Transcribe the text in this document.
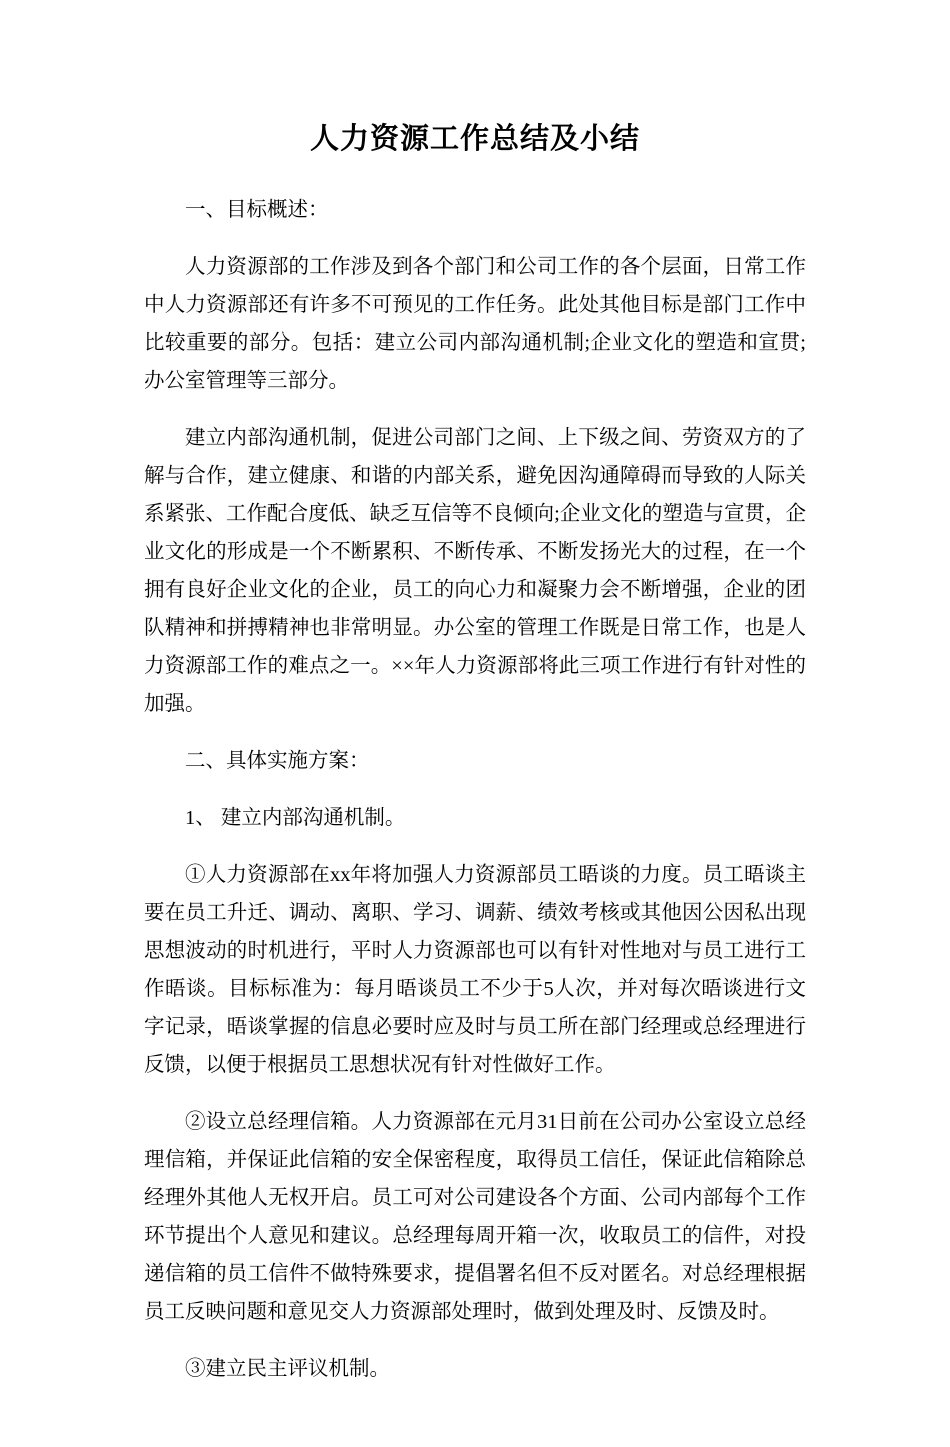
人力资源工作总结及小结

一、目标概述：

人力资源部的工作涉及到各个部门和公司工作的各个层面，日常工作中人力资源部还有许多不可预见的工作任务。此处其他目标是部门工作中比较重要的部分。包括：建立公司内部沟通机制;企业文化的塑造和宣贯;办公室管理等三部分。

建立内部沟通机制，促进公司部门之间、上下级之间、劳资双方的了解与合作，建立健康、和谐的内部关系，避免因沟通障碍而导致的人际关系紧张、工作配合度低、缺乏互信等不良倾向;企业文化的塑造与宣贯，企业文化的形成是一个不断累积、不断传承、不断发扬光大的过程，在一个拥有良好企业文化的企业，员工的向心力和凝聚力会不断增强，企业的团队精神和拼搏精神也非常明显。办公室的管理工作既是日常工作，也是人力资源部工作的难点之一。××年人力资源部将此三项工作进行有针对性的加强。

二、具体实施方案：

1、 建立内部沟通机制。

①人力资源部在xx年将加强人力资源部员工晤谈的力度。员工晤谈主要在员工升迁、调动、离职、学习、调薪、绩效考核或其他因公因私出现思想波动的时机进行，平时人力资源部也可以有针对性地对与员工进行工作晤谈。目标标准为：每月晤谈员工不少于5人次，并对每次晤谈进行文字记录，晤谈掌握的信息必要时应及时与员工所在部门经理或总经理进行反馈，以便于根据员工思想状况有针对性做好工作。

②设立总经理信箱。人力资源部在元月31日前在公司办公室设立总经理信箱，并保证此信箱的安全保密程度，取得员工信任，保证此信箱除总经理外其他人无权开启。员工可对公司建设各个方面、公司内部每个工作环节提出个人意见和建议。总经理每周开箱一次，收取员工的信件，对投递信箱的员工信件不做特殊要求，提倡署名但不反对匿名。对总经理根据员工反映问题和意见交人力资源部处理时，做到处理及时、反馈及时。

③建立民主评议机制。
